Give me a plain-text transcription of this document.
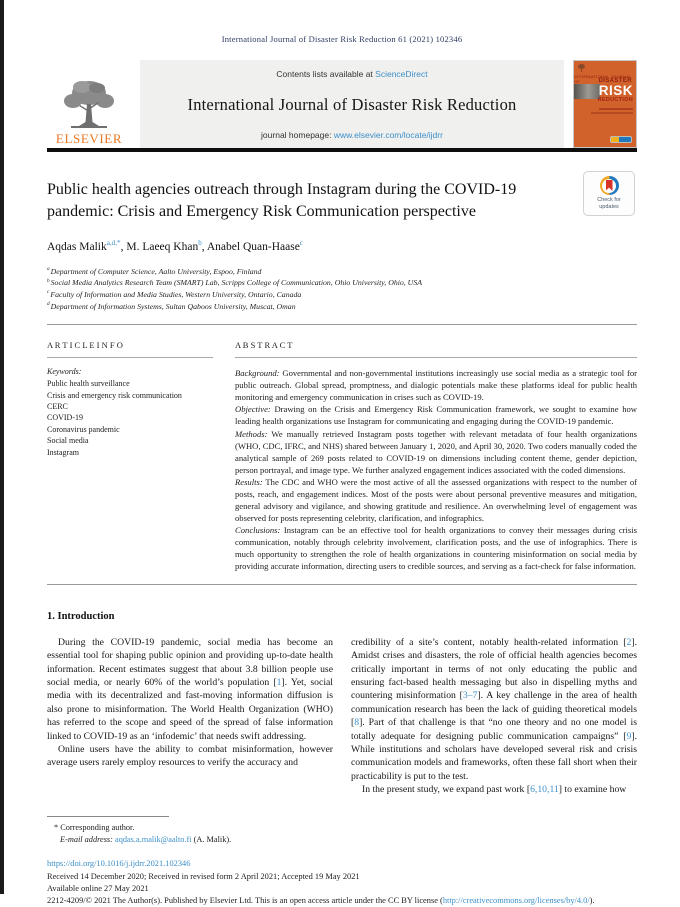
International Journal of Disaster Risk Reduction 61 (2021) 102346
ELSEVIER
Contents lists available at ScienceDirect
International Journal of Disaster Risk Reduction
journal homepage: www.elsevier.com/locate/ijdrr
INTERNATIONAL JOURNAL OF	DISASTER
RISK
REDUCTION
Public health agencies outreach through Instagram during the COVID-19
pandemic: Crisis and Emergency Risk Communication perspective
Check for
updates
Aqdas Malik$^{a,d,*}$, M. Laeeq Khan$^b$, Anabel Quan-Haase$^c$
$^a$Department of Computer Science, Aalto University, Espoo, Finland
$^b$Social Media Analytics Research Team (SMART) Lab, Scripps College of Communication, Ohio University, Ohio, USA
$^c$Faculty of Information and Media Studies, Western University, Ontario, Canada
$^d$Department of Information Systems, Sultan Qaboos University, Muscat, Oman
A R T I C L E I N F O
Keywords:
Public health surveillance
Crisis and emergency risk communication
CERC
COVID-19
Coronavirus pandemic
Social media
Instagram
A B S T R A C T
Background: Governmental and non-governmental institutions increasingly use social media as a strategic tool for public outreach. Global spread, promptness, and dialogic potentials make these platforms ideal for public health monitoring and emergency communication in crises such as COVID-19.
Objective: Drawing on the Crisis and Emergency Risk Communication framework, we sought to examine how leading health organizations use Instagram for communicating and engaging during the COVID-19 pandemic.
Methods: We manually retrieved Instagram posts together with relevant metadata of four health organizations (WHO, CDC, IFRC, and NHS) shared between January 1, 2020, and April 30, 2020. Two coders manually coded the analytical sample of 269 posts related to COVID-19 on dimensions including content theme, gender depiction, person portrayal, and image type. We further analyzed engagement indices associated with the coded dimensions.
Results: The CDC and WHO were the most active of all the assessed organizations with respect to the number of posts, reach, and engagement indices. Most of the posts were about personal preventive measures and mitigation, general advisory and vigilance, and showing gratitude and resilience. An overwhelming level of engagement was observed for posts representing celebrity, clarification, and infographics.
Conclusions: Instagram can be an effective tool for health organizations to convey their messages during crisis communication, notably through celebrity involvement, clarification posts, and the use of infographics. There is much opportunity to strengthen the role of health organizations in countering misinformation on social media by providing accurate information, directing users to credible sources, and serving as a fact-check for false information.
1. Introduction

During the COVID-19 pandemic, social media has become an essential tool for shaping public opinion and providing up-to-date health information. Recent estimates suggest that about 3.8 billion people use social media, or nearly 60% of the world’s population [1]. Yet, social media with its decentralized and fast-moving information diffusion is also prone to misinformation. The World Health Organization (WHO) has referred to the scope and speed of the spread of false information linked to COVID-19 as an ‘infodemic’ that needs swift addressing.

Online users have the ability to combat misinformation, however average users rarely employ resources to verify the accuracy and

credibility of a site’s content, notably health-related information [2]. Amidst crises and disasters, the role of official health agencies becomes critically important in terms of not only educating the public and ensuring fact-based health messaging but also in dispelling myths and countering misinformation [3–7]. A key challenge in the area of health communication research has been the lack of guiding theoretical models [8]. Part of that challenge is that “no one theory and no one model is totally adequate for designing public communication campaigns” [9]. While institutions and scholars have developed several risk and crisis communication models and frameworks, often these fall short when their practicability is put to the test.

In the present study, we expand past work [6,10,11] to examine how

* Corresponding author.
E-mail address: aqdas.a.malik@aalto.fi (A. Malik).
https://doi.org/10.1016/j.ijdrr.2021.102346
Received 14 December 2020; Received in revised form 2 April 2021; Accepted 19 May 2021
Available online 27 May 2021
2212-4209/© 2021 The Author(s). Published by Elsevier Ltd. This is an open access article under the CC BY license (http://creativecommons.org/licenses/by/4.0/).
